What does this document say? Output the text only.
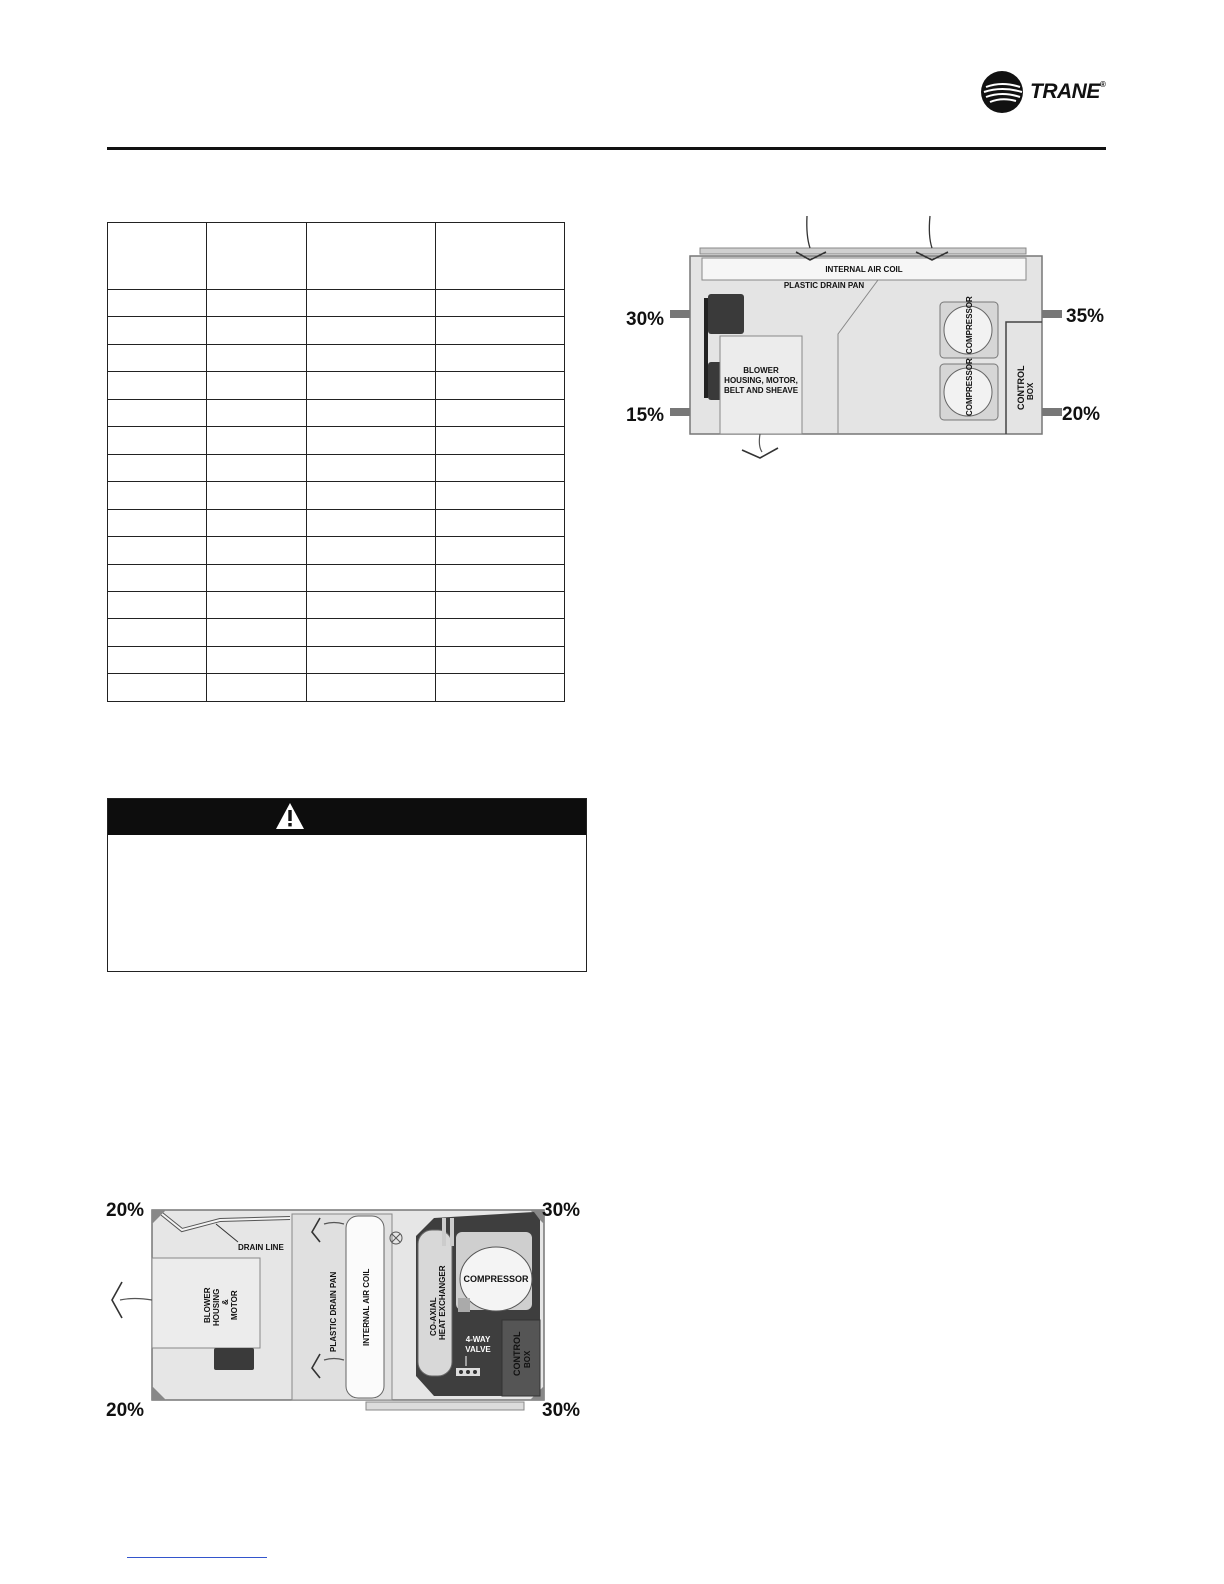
TRANE®

INTERNAL AIR COIL
PLASTIC DRAIN PAN
BLOWER
HOUSING, MOTOR,
BELT AND SHEAVE
COMPRESSOR
COMPRESSOR	CONTROL BOX
30%
15%
35%
20%
DRAIN LINE
BLOWER HOUSING & MOTOR	PLASTIC DRAIN PAN	INTERNAL AIR COIL	CO-AXIAL HEAT EXCHANGER COMPRESSOR
4-WAY
VALVE CONTROL BOX
20%
20%
30%
30%
